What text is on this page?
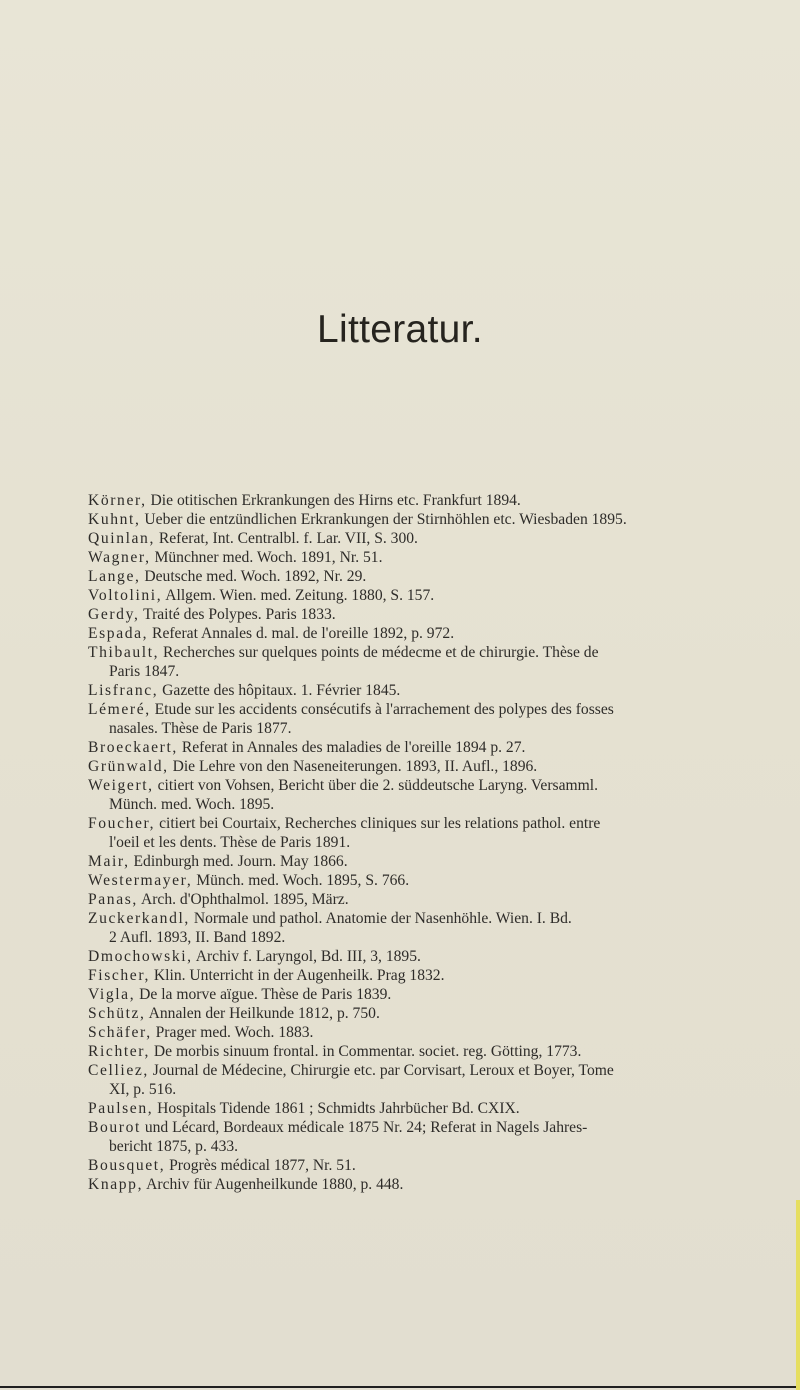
Litteratur.
Körner, Die otitischen Erkrankungen des Hirns etc. Frankfurt 1894.
Kuhnt, Ueber die entzündlichen Erkrankungen der Stirnhöhlen etc. Wiesbaden 1895.
Quinlan, Referat, Int. Centralbl. f. Lar. VII, S. 300.
Wagner, Münchner med. Woch. 1891, Nr. 51.
Lange, Deutsche med. Woch. 1892, Nr. 29.
Voltolini, Allgem. Wien. med. Zeitung. 1880, S. 157.
Gerdy, Traité des Polypes. Paris 1833.
Espada, Referat Annales d. mal. de l'oreille 1892, p. 972.
Thibault, Recherches sur quelques points de médecme et de chirurgie. Thèse de
Paris 1847.
Lisfranc, Gazette des hôpitaux. 1. Février 1845.
Lémeré, Etude sur les accidents consécutifs à l'arrachement des polypes des fosses
nasales. Thèse de Paris 1877.
Broeckaert, Referat in Annales des maladies de l'oreille 1894 p. 27.
Grünwald, Die Lehre von den Naseneiterungen. 1893, II. Aufl., 1896.
Weigert, citiert von Vohsen, Bericht über die 2. süddeutsche Laryng. Versamml.
Münch. med. Woch. 1895.
Foucher, citiert bei Courtaix, Recherches cliniques sur les relations pathol. entre
l'oeil et les dents. Thèse de Paris 1891.
Mair, Edinburgh med. Journ. May 1866.
Westermayer, Münch. med. Woch. 1895, S. 766.
Panas, Arch. d'Ophthalmol. 1895, März.
Zuckerkandl, Normale und pathol. Anatomie der Nasenhöhle. Wien. I. Bd.
2 Aufl. 1893, II. Band 1892.
Dmochowski, Archiv f. Laryngol, Bd. III, 3, 1895.
Fischer, Klin. Unterricht in der Augenheilk. Prag 1832.
Vigla, De la morve aïgue. Thèse de Paris 1839.
Schütz, Annalen der Heilkunde 1812, p. 750.
Schäfer, Prager med. Woch. 1883.
Richter, De morbis sinuum frontal. in Commentar. societ. reg. Götting, 1773.
Celliez, Journal de Médecine, Chirurgie etc. par Corvisart, Leroux et Boyer, Tome
XI, p. 516.
Paulsen, Hospitals Tidende 1861 ; Schmidts Jahrbücher Bd. CXIX.
Bourot und Lécard, Bordeaux médicale 1875 Nr. 24; Referat in Nagels Jahres-
bericht 1875, p. 433.
Bousquet, Progrès médical 1877, Nr. 51.
Knapp, Archiv für Augenheilkunde 1880, p. 448.
